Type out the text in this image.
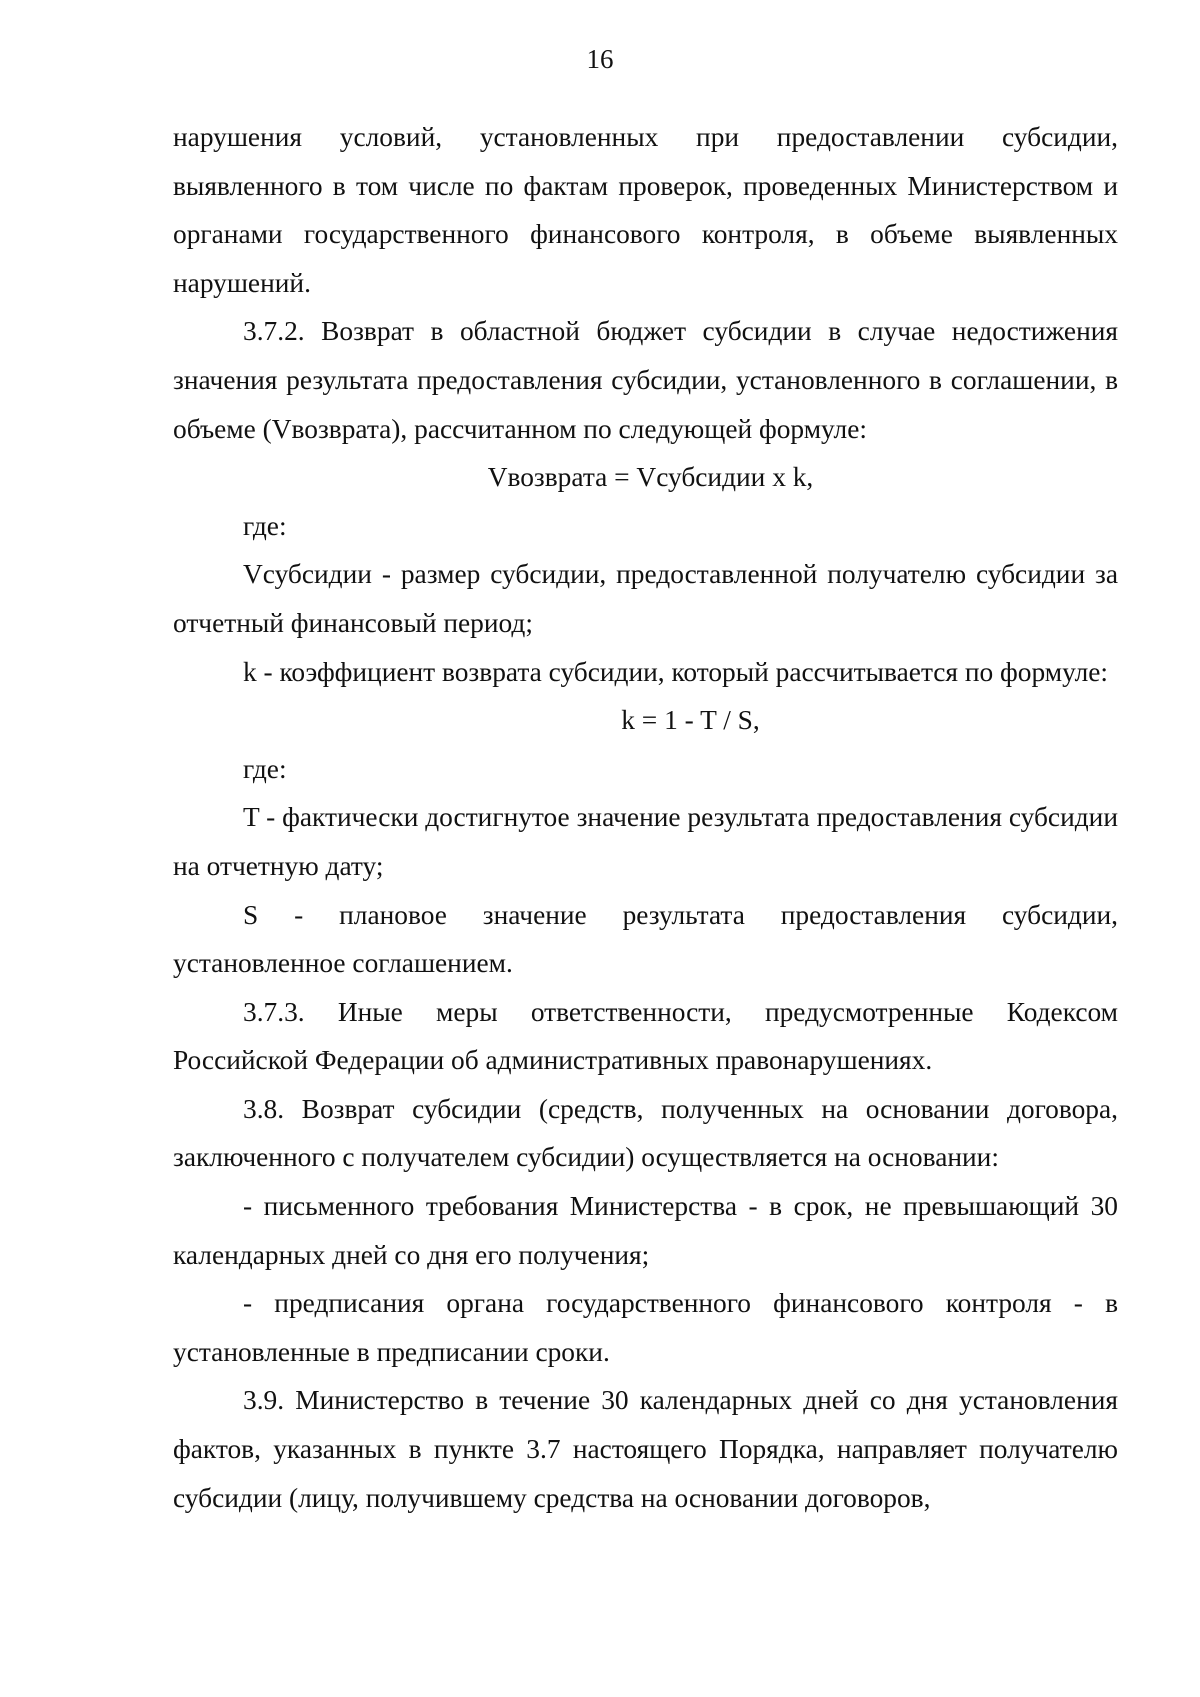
16

нарушения условий, установленных при предоставлении субсидии, выявленного в том числе по фактам проверок, проведенных Министерством и органами государственного финансового контроля, в объеме выявленных нарушений.

3.7.2. Возврат в областной бюджет субсидии в случае недостижения значения результата предоставления субсидии, установленного в соглашении, в объеме (Vвозврата), рассчитанном по следующей формуле:

Vвозврата = Vсубсидии x k,

где:

Vсубсидии - размер субсидии, предоставленной получателю субсидии за отчетный финансовый период;

k - коэффициент возврата субсидии, который рассчитывается по формуле:

k = 1 - T / S,

где:

T - фактически достигнутое значение результата предоставления субсидии на отчетную дату;

S - плановое значение результата предоставления субсидии, установленное соглашением.

3.7.3. Иные меры ответственности, предусмотренные Кодексом Российской Федерации об административных правонарушениях.

3.8. Возврат субсидии (средств, полученных на основании договора, заключенного с получателем субсидии) осуществляется на основании:

- письменного требования Министерства - в срок, не превышающий 30 календарных дней со дня его получения;

- предписания органа государственного финансового контроля - в установленные в предписании сроки.

3.9. Министерство в течение 30 календарных дней со дня установления фактов, указанных в пункте 3.7 настоящего Порядка, направляет получателю субсидии (лицу, получившему средства на основании договоров,
